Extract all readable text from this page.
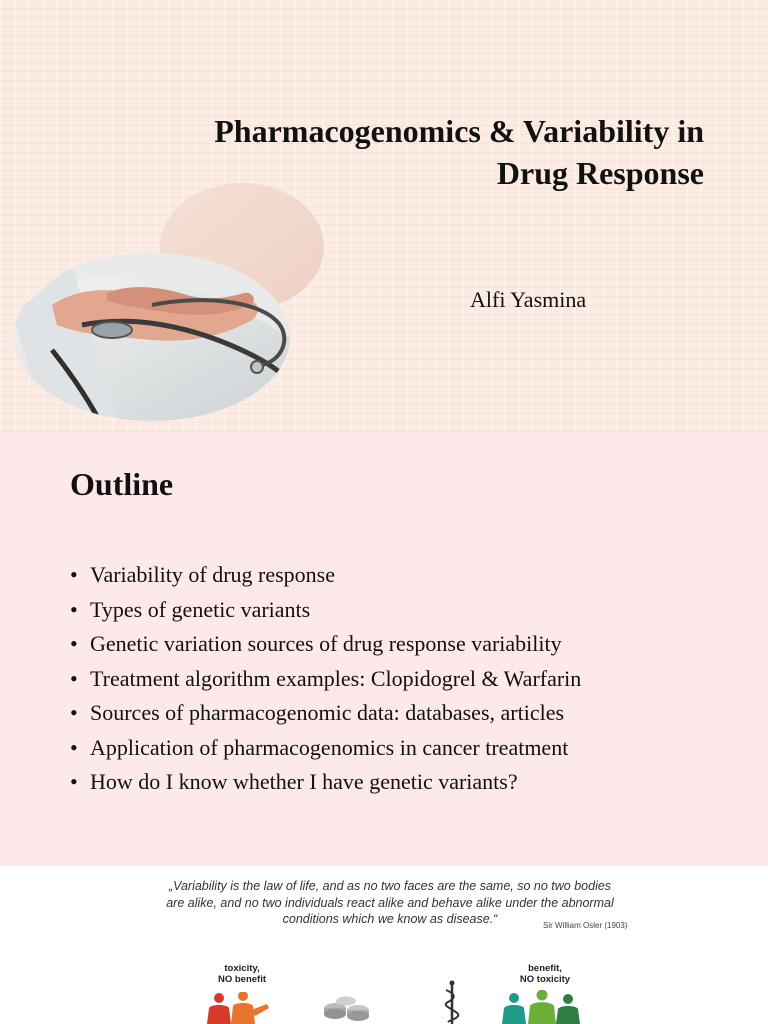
Pharmacogenomics & Variability in
Drug Response
Alfi Yasmina
Outline
• Variability of drug response
• Types of genetic variants
• Genetic variation sources of drug response variability
• Treatment algorithm examples: Clopidogrel & Warfarin
• Sources of pharmacogenomic data: databases, articles
• Application of pharmacogenomics in cancer treatment
• How do I know whether I have genetic variants?
„Variability is the law of life, and as no two faces are the same, so no two bodies
are alike, and no two individuals react alike and behave alike under the abnormal
conditions which we know as disease.“	Sir William Osler (1903)
toxicity,
NO benefit
benefit,
NO toxicity
